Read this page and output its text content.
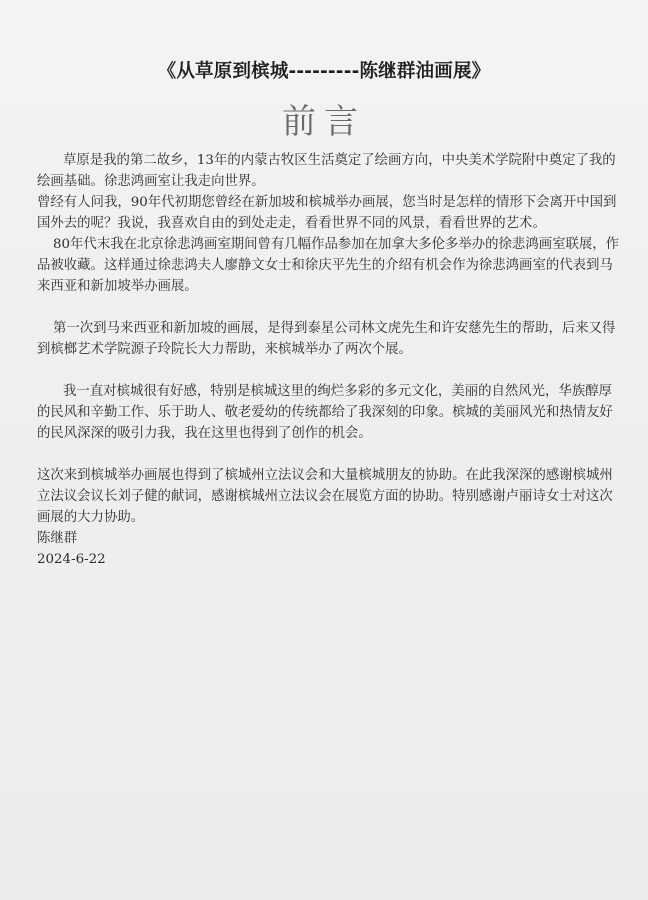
《从草原到槟城---------陈继群油画展》
前言

草原是我的第二故乡，13年的内蒙古牧区生活奠定了绘画方向，中央美术学院附中奠定了我的绘画基础。徐悲鸿画室让我走向世界。

曾经有人问我，90年代初期您曾经在新加坡和槟城举办画展，您当时是怎样的情形下会离开中国到国外去的呢？我说，我喜欢自由的到处走走，看看世界不同的风景，看看世界的艺术。

80年代末我在北京徐悲鸿画室期间曾有几幅作品参加在加拿大多伦多举办的徐悲鸿画室联展，作品被收藏。这样通过徐悲鸿夫人廖静文女士和徐庆平先生的介绍有机会作为徐悲鸿画室的代表到马来西亚和新加坡举办画展。

第一次到马来西亚和新加坡的画展，是得到泰星公司林文虎先生和许安慈先生的帮助，后来又得到槟榔艺术学院源子玲院长大力帮助，来槟城举办了两次个展。

我一直对槟城很有好感，特别是槟城这里的绚烂多彩的多元文化，美丽的自然风光，华族醇厚的民风和辛勤工作、乐于助人、敬老爱幼的传统都给了我深刻的印象。槟城的美丽风光和热情友好的民风深深的吸引力我，我在这里也得到了创作的机会。

这次来到槟城举办画展也得到了槟城州立法议会和大量槟城朋友的协助。在此我深深的感谢槟城州立法议会议长刘子健的献词，感谢槟城州立法议会在展览方面的协助。特别感谢卢丽诗女士对这次画展的大力协助。

陈继群

2024-6-22
